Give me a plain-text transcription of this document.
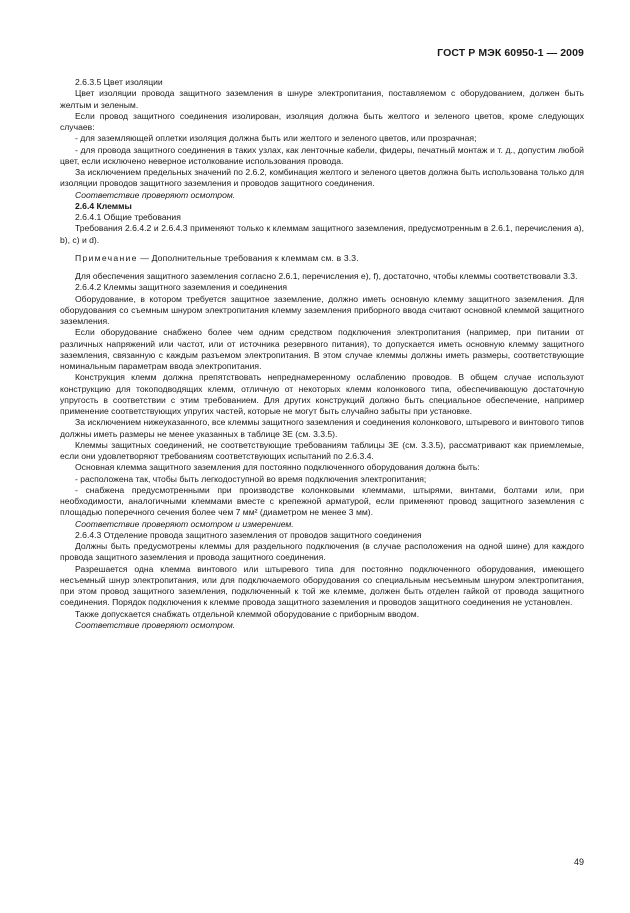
ГОСТ Р МЭК 60950-1 — 2009

2.6.3.5 Цвет изоляции

Цвет изоляции провода защитного заземления в шнуре электропитания, поставляемом с оборудованием, должен быть желтым и зеленым.

Если провод защитного соединения изолирован, изоляция должна быть желтого и зеленого цветов, кроме следующих случаев:

- для заземляющей оплетки изоляция должна быть или желтого и зеленого цветов, или прозрачная;

- для провода защитного соединения в таких узлах, как ленточные кабели, фидеры, печатный монтаж и т. д., допустим любой цвет, если исключено неверное истолкование использования провода.

За исключением предельных значений по 2.6.2, комбинация желтого и зеленого цветов должна быть использована только для изоляции проводов защитного заземления и проводов защитного соединения.

Соответствие проверяют осмотром.

2.6.4 Клеммы

2.6.4.1 Общие требования

Требования 2.6.4.2 и 2.6.4.3 применяют только к клеммам защитного заземления, предусмотренным в 2.6.1, перечисления а), b), c) и d).

Примечание — Дополнительные требования к клеммам см. в 3.3.

Для обеспечения защитного заземления согласно 2.6.1, перечисления е), f), достаточно, чтобы клеммы соответствовали 3.3.

2.6.4.2 Клеммы защитного заземления и соединения

Оборудование, в котором требуется защитное заземление, должно иметь основную клемму защитного заземления. Для оборудования со съемным шнуром электропитания клемму заземления приборного ввода считают основной клеммой защитного заземления.

Если оборудование снабжено более чем одним средством подключения электропитания (например, при питании от различных напряжений или частот, или от источника резервного питания), то допускается иметь основную клемму защитного заземления, связанную с каждым разъемом электропитания. В этом случае клеммы должны иметь размеры, соответствующие номинальным параметрам ввода электропитания.

Конструкция клемм должна препятствовать непреднамеренному ослаблению проводов. В общем случае используют конструкцию для токоподводящих клемм, отличную от некоторых клемм колонкового типа, обеспечивающую достаточную упругость в соответствии с этим требованием. Для других конструкций должно быть специальное обеспечение, например применение соответствующих упругих частей, которые не могут быть случайно забыты при установке.

За исключением нижеуказанного, все клеммы защитного заземления и соединения колонкового, штыревого и винтового типов должны иметь размеры не менее указанных в таблице 3Е (см. 3.3.5).

Клеммы защитных соединений, не соответствующие требованиям таблицы 3Е (см. 3.3.5), рассматривают как приемлемые, если они удовлетворяют требованиям соответствующих испытаний по 2.6.3.4.

Основная клемма защитного заземления для постоянно подключенного оборудования должна быть:

- расположена так, чтобы быть легкодоступной во время подключения электропитания;

- снабжена предусмотренными при производстве колонковыми клеммами, штырями, винтами, болтами или, при необходимости, аналогичными клеммами вместе с крепежной арматурой, если применяют провод защитного заземления с площадью поперечного сечения более чем 7 мм² (диаметром не менее 3 мм).

Соответствие проверяют осмотром и измерением.

2.6.4.3 Отделение провода защитного заземления от проводов защитного соединения

Должны быть предусмотрены клеммы для раздельного подключения (в случае расположения на одной шине) для каждого провода защитного заземления и провода защитного соединения.

Разрешается одна клемма винтового или штыревого типа для постоянно подключенного оборудования, имеющего несъемный шнур электропитания, или для подключаемого оборудования со специальным несъемным шнуром электропитания, при этом провод защитного заземления, подключенный к той же клемме, должен быть отделен гайкой от провода защитного соединения. Порядок подключения к клемме провода защитного заземления и проводов защитного соединения не установлен.

Также допускается снабжать отдельной клеммой оборудование с приборным вводом.

Соответствие проверяют осмотром.

49
